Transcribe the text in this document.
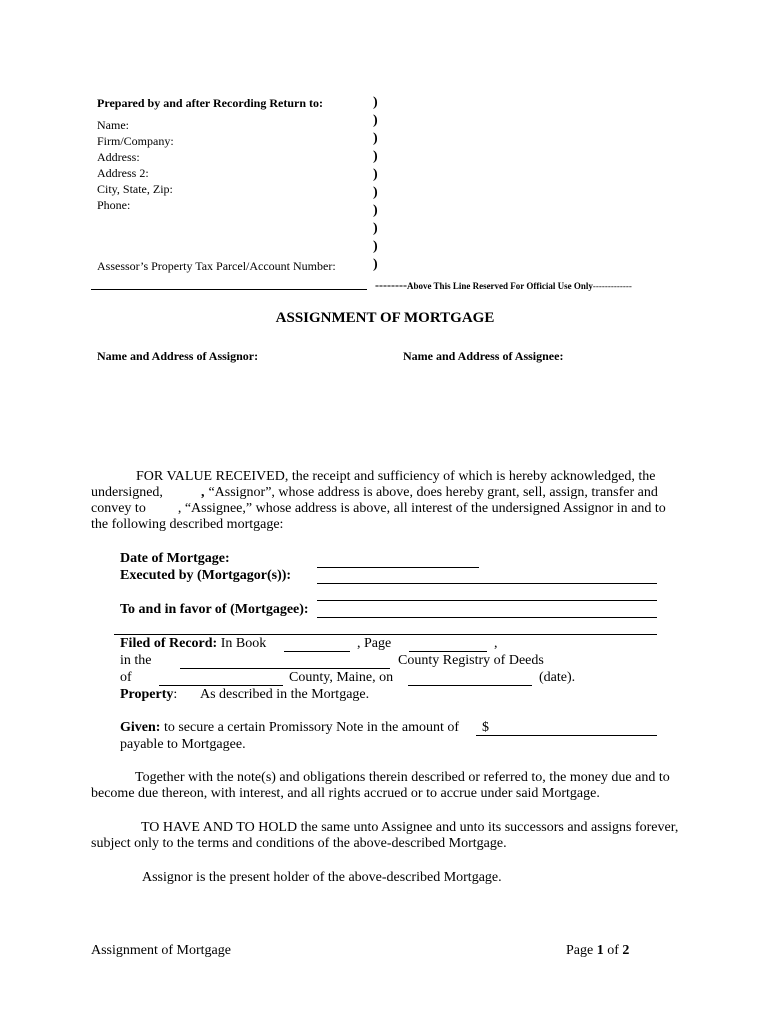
Prepared by and after Recording Return to:
Name:
Firm/Company:
Address:
Address 2:
City, State, Zip:
Phone:
Assessor’s Property Tax Parcel/Account Number:
)
)
)
)
)
)
)
)
)
)
--------Above This Line Reserved For Official Use Only-------------
ASSIGNMENT OF MORTGAGE
Name and Address of Assignor:	Name and Address of Assignee:
FOR VALUE RECEIVED, the receipt and sufficiency of which is hereby acknowledged, the
undersigned,	, “Assignor”, whose address is above, does hereby grant, sell, assign, transfer and
convey to , “Assignee,” whose address is above, all interest of the undersigned Assignor in and to
the following described mortgage:
Date of Mortgage:
Executed by (Mortgagor(s)):
To and in favor of (Mortgagee):
Filed of Record: In Book	, Page	,
in the	County Registry of Deeds
of	County, Maine, on	(date).
Property: As described in the Mortgage.
Given: to secure a certain Promissory Note in the amount of $
payable to Mortgagee.
Together with the note(s) and obligations therein described or referred to, the money due and to become due thereon, with interest, and all rights accrued or to accrue under said Mortgage.
TO HAVE AND TO HOLD the same unto Assignee and unto its successors and assigns forever, subject only to the terms and conditions of the above-described Mortgage.
Assignor is the present holder of the above-described Mortgage.
Assignment of Mortgage	Page 1 of 2
